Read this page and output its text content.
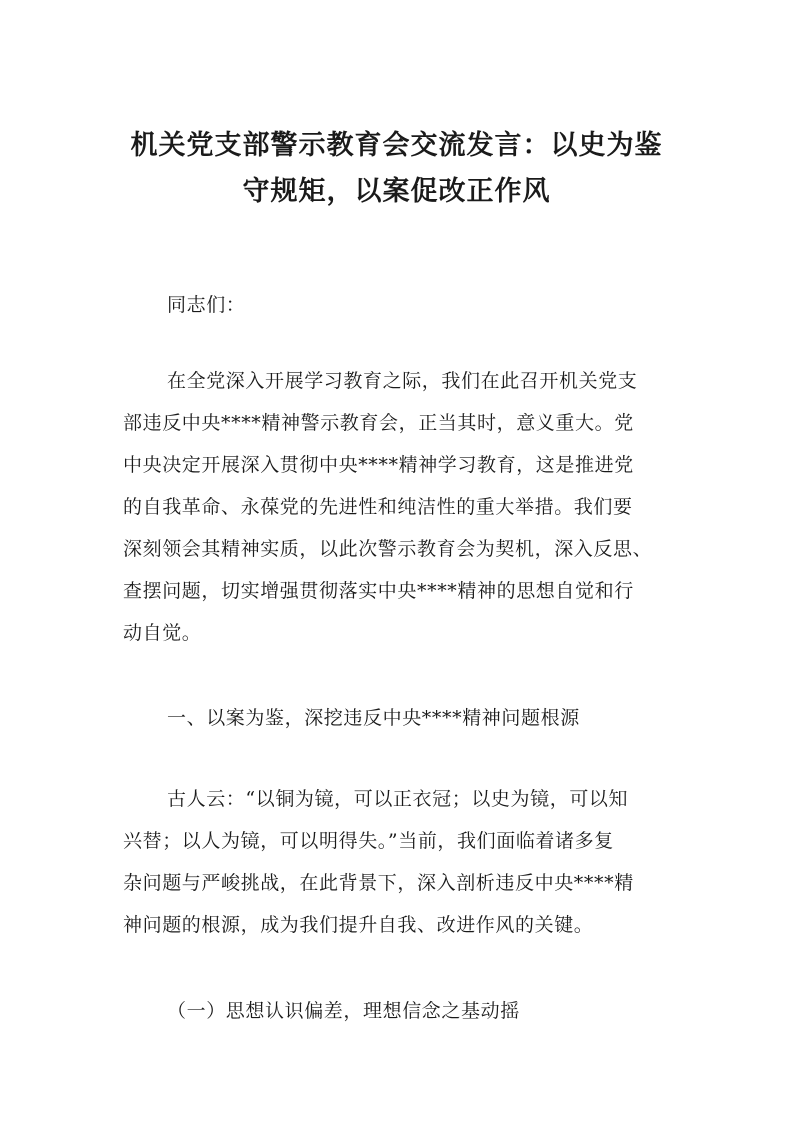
机关党支部警示教育会交流发言：以史为鉴
守规矩，以案促改正作风

同志们：

在全党深入开展学习教育之际，我们在此召开机关党支
部违反中央****精神警示教育会，正当其时，意义重大。党
中央决定开展深入贯彻中央****精神学习教育，这是推进党
的自我革命、永葆党的先进性和纯洁性的重大举措。我们要
深刻领会其精神实质，以此次警示教育会为契机，深入反思、
查摆问题，切实增强贯彻落实中央****精神的思想自觉和行
动自觉。

一、以案为鉴，深挖违反中央****精神问题根源

古人云：“以铜为镜，可以正衣冠；以史为镜，可以知
兴替；以人为镜，可以明得失。”当前，我们面临着诸多复
杂问题与严峻挑战，在此背景下，深入剖析违反中央****精
神问题的根源，成为我们提升自我、改进作风的关键。

（一）思想认识偏差，理想信念之基动摇
